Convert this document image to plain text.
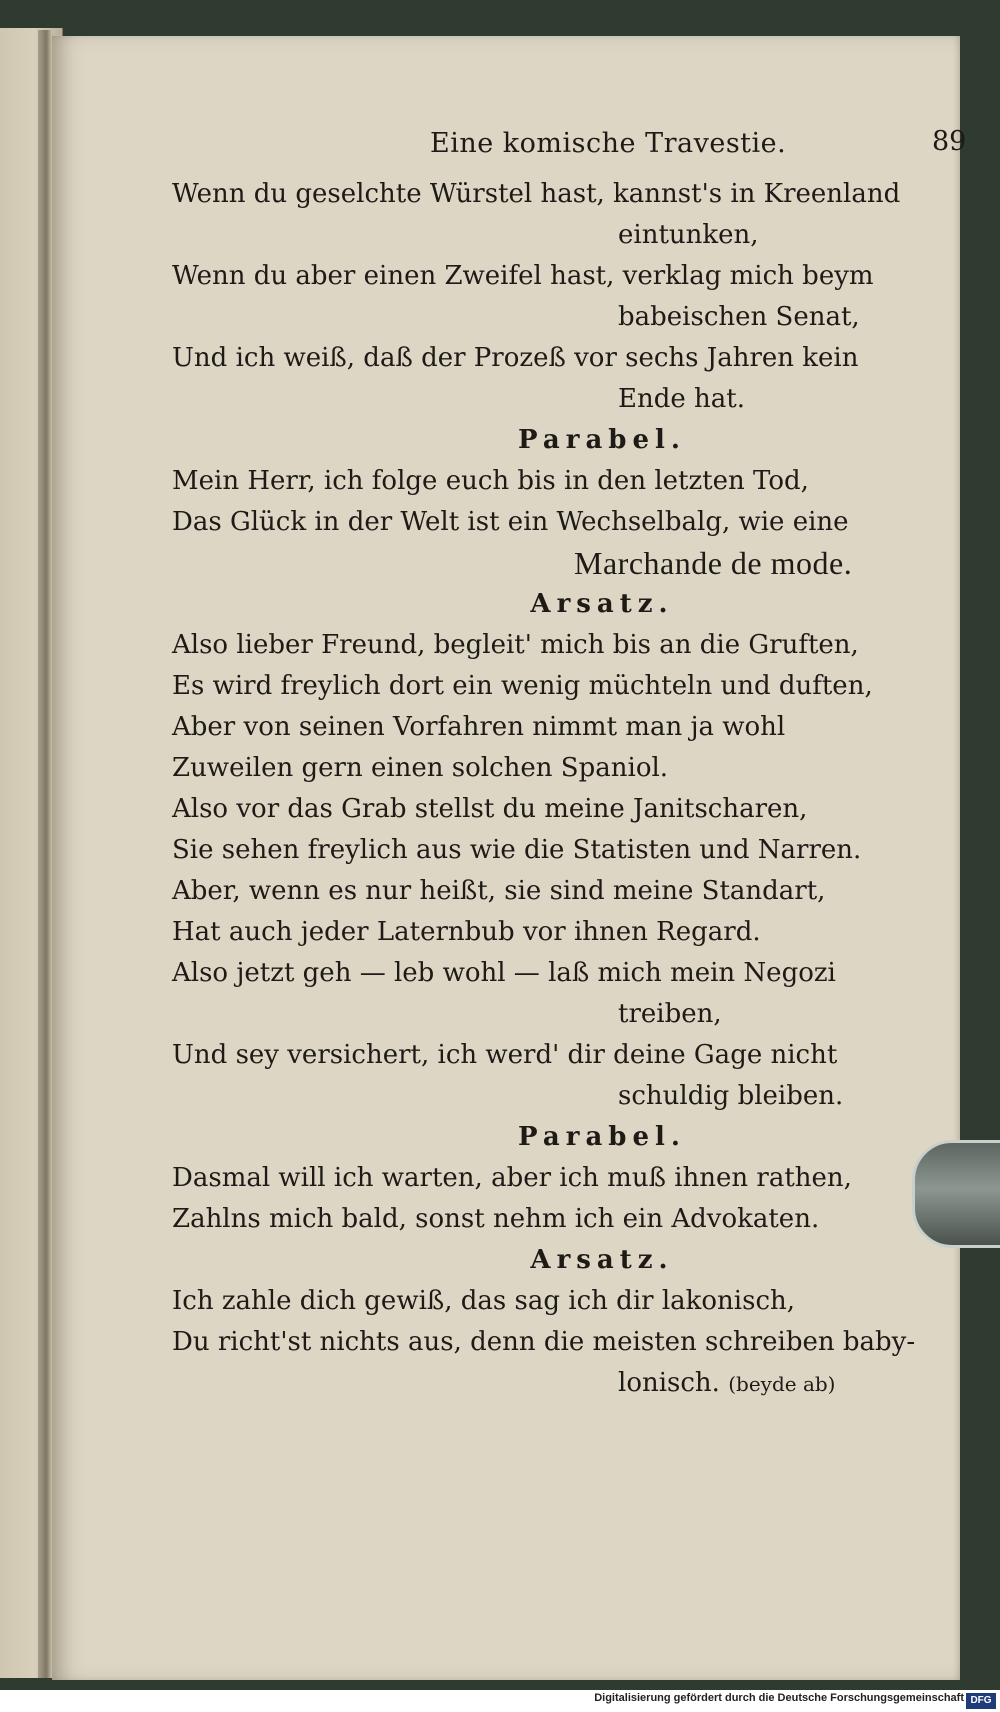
Eine komische Travestie.	89
Wenn du geselchte Würstel hast, kannst's in Kreenland
eintunken,
Wenn du aber einen Zweifel hast, verklag mich beym
babeischen Senat,
Und ich weiß, daß der Prozeß vor sechs Jahren kein
Ende hat.
Parabel.
Mein Herr, ich folge euch bis in den letzten Tod,
Das Glück in der Welt ist ein Wechselbalg, wie eine
Marchande de mode.
Arsatz.
Also lieber Freund, begleit' mich bis an die Gruften,
Es wird freylich dort ein wenig müchteln und duften,
Aber von seinen Vorfahren nimmt man ja wohl
Zuweilen gern einen solchen Spaniol.
Also vor das Grab stellst du meine Janitscharen,
Sie sehen freylich aus wie die Statisten und Narren.
Aber, wenn es nur heißt, sie sind meine Standart,
Hat auch jeder Laternbub vor ihnen Regard.
Also jetzt geh — leb wohl — laß mich mein Negozi
treiben,
Und sey versichert, ich werd' dir deine Gage nicht
schuldig bleiben.
Parabel.
Dasmal will ich warten, aber ich muß ihnen rathen,
Zahlns mich bald, sonst nehm ich ein Advokaten.
Arsatz.
Ich zahle dich gewiß, das sag ich dir lakonisch,
Du richt'st nichts aus, denn die meisten schreiben baby-
lonisch. (beyde ab)
Digitalisierung gefördert durch die Deutsche Forschungsgemeinschaft DFG
